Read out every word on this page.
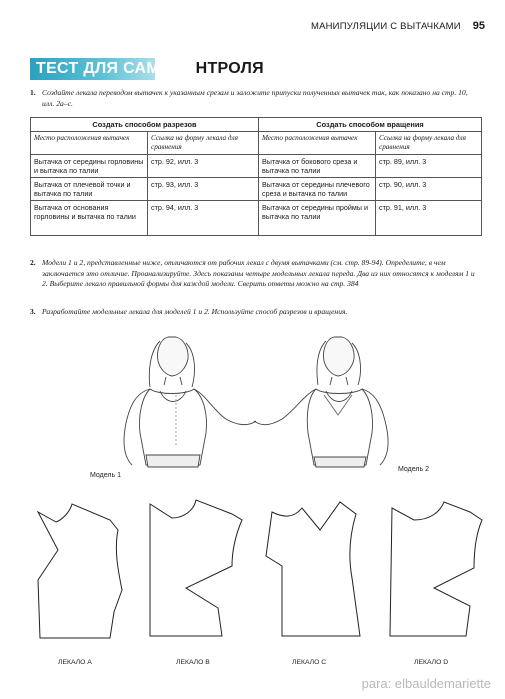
МАНИПУЛЯЦИИ С ВЫТАЧКАМИ 95
ТЕСТ ДЛЯ САМОКОНТРОЛЯ
1. Создайте лекала переводом вытачек к указанным срезам и заложите припуски полученных вытачек так, как показано на стр. 10, илл. 2а–с.
Создать способом разрезов		Создать способом вращения	
Место расположения вытачек	Ссылка на форму лекала для сравнения	Место расположения вытачек	Ссылка на форму лекала для сравнения
Вытачка от середины горловины и вытачка по талии	стр. 92, илл. 3	Вытачка от бокового среза и вытачка по талии	стр. 89, илл. 3
Вытачка от плечевой точки и вытачка по талии	стр. 93, илл. 3	Вытачка от середины плечевого среза и вытачка по талии	стр. 90, илл. 3
Вытачка от основания горловины и вытачка по талии	стр. 94, илл. 3	Вытачка от середины проймы и вытачка по талии	стр. 91, илл. 3
2. Модели 1 и 2, представленные ниже, отличаются от рабочих лекал с двумя вытачками (см. стр. 89-94). Определите, в чем заключается это отличие. Проанализируйте. Здесь показаны четыре модельных лекала переда. Два из них относятся к моделям 1 и 2. Выберите лекало правильной формы для каждой модели. Сверить ответы можно на стр. 384
3. Разработайте модельные лекала для моделей 1 и 2. Используйте способ разрезов и вращения.
Модель 1
Модель 2
ЛЕКАЛО A	ЛЕКАЛО B	ЛЕКАЛО C	ЛЕКАЛО D
para: elbauldemariette
